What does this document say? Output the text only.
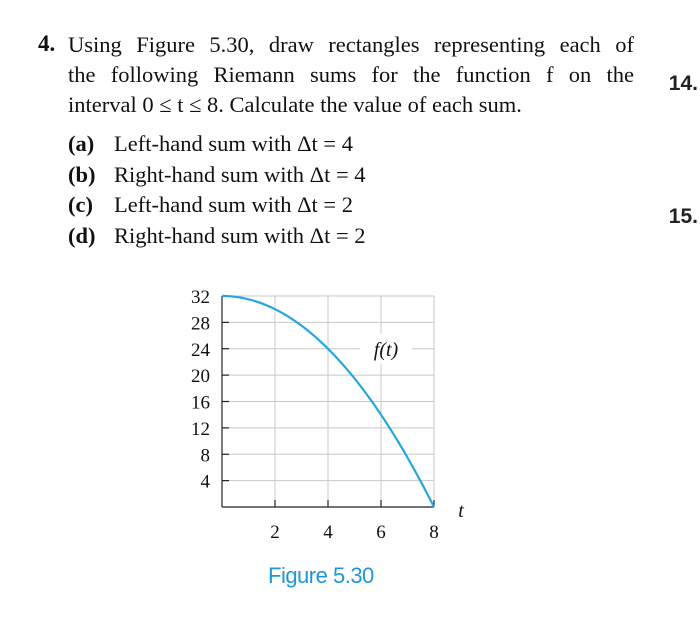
4. Using Figure 5.30, draw rectangles representing each of
the following Riemann sums for the function f on the
interval 0 ≤ t ≤ 8. Calculate the value of each sum.
14.
15.
(a) Left-hand sum with Δt = 4
(b) Right-hand sum with Δt = 4
(c) Left-hand sum with Δt = 2
(d) Right-hand sum with Δt = 2
4
8
12
16
20
24
28
32
2 4 6 8
t
f(t)
Figure 5.30
